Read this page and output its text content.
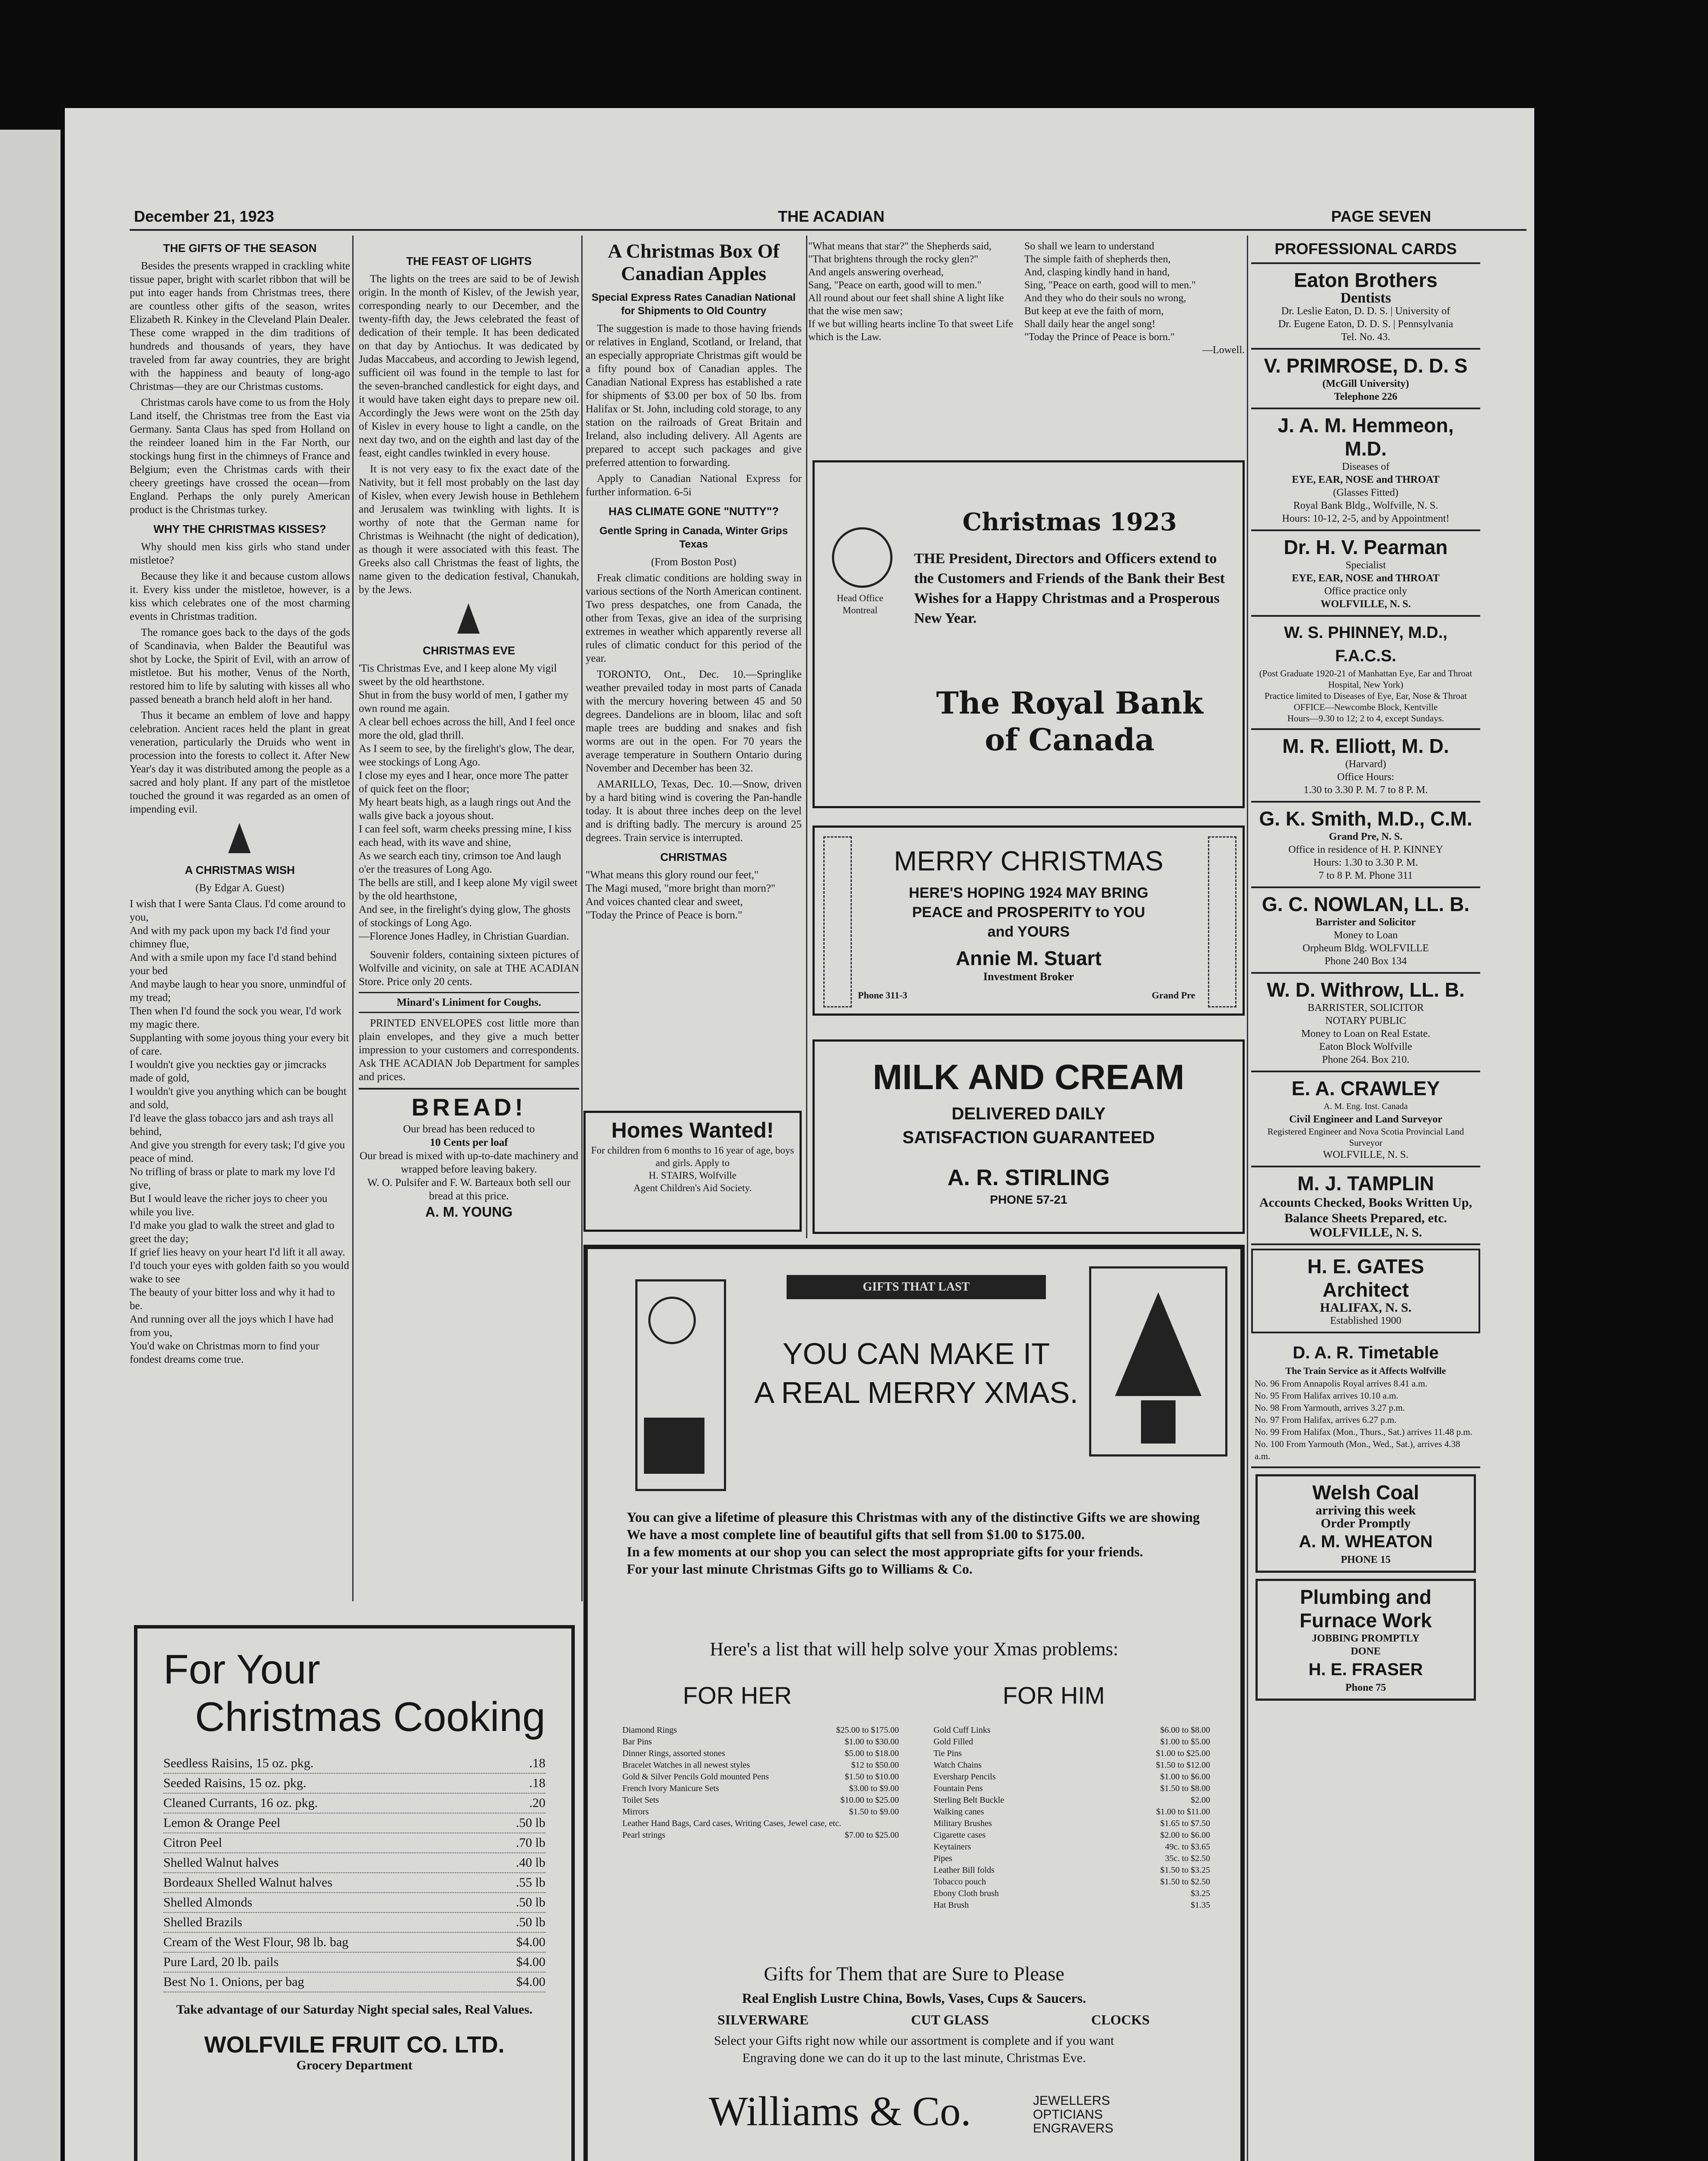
December 21, 1923	THE ACADIAN	PAGE SEVEN

THE GIFTS OF THE SEASON

Besides the presents wrapped in crackling white tissue paper, bright with scarlet ribbon that will be put into eager hands from Christmas trees, there are countless other gifts of the season, writes Elizabeth R. Kinkey in the Cleveland Plain Dealer. These come wrapped in the dim traditions of hundreds and thousands of years, they have traveled from far away countries, they are bright with the happiness and beauty of long-ago Christmas—they are our Christmas customs.

Christmas carols have come to us from the Holy Land itself, the Christmas tree from the East via Germany. Santa Claus has sped from Holland on the reindeer loaned him in the Far North, our stockings hung first in the chimneys of France and Belgium; even the Christmas cards with their cheery greetings have crossed the ocean—from England. Perhaps the only purely American product is the Christmas turkey.

WHY THE CHRISTMAS KISSES?

Why should men kiss girls who stand under mistletoe?

Because they like it and because custom allows it. Every kiss under the mistletoe, however, is a kiss which celebrates one of the most charming events in Christmas tradition.

The romance goes back to the days of the gods of Scandinavia, when Balder the Beautiful was shot by Locke, the Spirit of Evil, with an arrow of mistletoe. But his mother, Venus of the North, restored him to life by saluting with kisses all who passed beneath a branch held aloft in her hand.

Thus it became an emblem of love and happy celebration. Ancient races held the plant in great veneration, particularly the Druids who went in procession into the forests to collect it. After New Year's day it was distributed among the people as a sacred and holy plant. If any part of the mistletoe touched the ground it was regarded as an omen of impending evil.

A CHRISTMAS WISH

(By Edgar A. Guest)

I wish that I were Santa Claus. I'd come around to you,

And with my pack upon my back I'd find your chimney flue,

And with a smile upon my face I'd stand behind your bed

And maybe laugh to hear you snore, unmindful of my tread;

Then when I'd found the sock you wear, I'd work my magic there.

Supplanting with some joyous thing your every bit of care.

I wouldn't give you neckties gay or jimcracks made of gold,

I wouldn't give you anything which can be bought and sold,

I'd leave the glass tobacco jars and ash trays all behind,

And give you strength for every task; I'd give you peace of mind.

No trifling of brass or plate to mark my love I'd give,

But I would leave the richer joys to cheer you while you live.

I'd make you glad to walk the street and glad to greet the day;

If grief lies heavy on your heart I'd lift it all away.

I'd touch your eyes with golden faith so you would wake to see

The beauty of your bitter loss and why it had to be.

And running over all the joys which I have had from you,

You'd wake on Christmas morn to find your fondest dreams come true.

THE FEAST OF LIGHTS

The lights on the trees are said to be of Jewish origin. In the month of Kislev, of the Jewish year, corresponding nearly to our December, and the twenty-fifth day, the Jews celebrated the feast of dedication of their temple. It has been dedicated on that day by Antiochus. It was dedicated by Judas Maccabeus, and according to Jewish legend, sufficient oil was found in the temple to last for the seven-branched candlestick for eight days, and it would have taken eight days to prepare new oil. Accordingly the Jews were wont on the 25th day of Kislev in every house to light a candle, on the next day two, and on the eighth and last day of the feast, eight candles twinkled in every house.

It is not very easy to fix the exact date of the Nativity, but it fell most probably on the last day of Kislev, when every Jewish house in Bethlehem and Jerusalem was twinkling with lights. It is worthy of note that the German name for Christmas is Weihnacht (the night of dedication), as though it were associated with this feast. The Greeks also call Christmas the feast of lights, the name given to the dedication festival, Chanukah, by the Jews.

CHRISTMAS EVE

'Tis Christmas Eve, and I keep alone My vigil sweet by the old hearthstone.

Shut in from the busy world of men, I gather my own round me again.

A clear bell echoes across the hill, And I feel once more the old, glad thrill.

As I seem to see, by the firelight's glow, The dear, wee stockings of Long Ago.

I close my eyes and I hear, once more The patter of quick feet on the floor;

My heart beats high, as a laugh rings out And the walls give back a joyous shout.

I can feel soft, warm cheeks pressing mine, I kiss each head, with its wave and shine,

As we search each tiny, crimson toe And laugh o'er the treasures of Long Ago.

The bells are still, and I keep alone My vigil sweet by the old hearthstone,

And see, in the firelight's dying glow, The ghosts of stockings of Long Ago.

—Florence Jones Hadley, in Christian Guardian.

Souvenir folders, containing sixteen pictures of Wolfville and vicinity, on sale at THE ACADIAN Store. Price only 20 cents.

Minard's Liniment for Coughs.

PRINTED ENVELOPES cost little more than plain envelopes, and they give a much better impression to your customers and correspondents. Ask THE ACADIAN Job Department for samples and prices.

BREAD!
Our bread has been reduced to
10 Cents per loaf
Our bread is mixed with up-to-date machinery and wrapped before leaving bakery.
W. O. Pulsifer and F. W. Barteaux both sell our bread at this price.
A. M. YOUNG
A Christmas Box Of Canadian Apples

Special Express Rates Canadian National for Shipments to Old Country

The suggestion is made to those having friends or relatives in England, Scotland, or Ireland, that an especially appropriate Christmas gift would be a fifty pound box of Canadian apples. The Canadian National Express has established a rate for shipments of $3.00 per box of 50 lbs. from Halifax or St. John, including cold storage, to any station on the railroads of Great Britain and Ireland, also including delivery. All Agents are prepared to accept such packages and give preferred attention to forwarding.

Apply to Canadian National Express for further information. 6-5i

HAS CLIMATE GONE "NUTTY"?

Gentle Spring in Canada, Winter Grips Texas

(From Boston Post)

Freak climatic conditions are holding sway in various sections of the North American continent. Two press despatches, one from Canada, the other from Texas, give an idea of the surprising extremes in weather which apparently reverse all rules of climatic conduct for this period of the year.

TORONTO, Ont., Dec. 10.—Springlike weather prevailed today in most parts of Canada with the mercury hovering between 45 and 50 degrees. Dandelions are in bloom, lilac and soft maple trees are budding and snakes and fish worms are out in the open. For 70 years the average temperature in Southern Ontario during November and December has been 32.

AMARILLO, Texas, Dec. 10.—Snow, driven by a hard biting wind is covering the Pan-handle today. It is about three inches deep on the level and is drifting badly. The mercury is around 25 degrees. Train service is interrupted.

CHRISTMAS

"What means this glory round our feet,"

The Magi mused, "more bright than morn?"

And voices chanted clear and sweet,

"Today the Prince of Peace is born."

Homes Wanted!
For children from 6 months to 16 year of age, boys and girls. Apply to
H. STAIRS, Wolfville
Agent Children's Aid Society.

"What means that star?" the Shepherds said,

"That brightens through the rocky glen?"

And angels answering overhead,

Sang, "Peace on earth, good will to men."

All round about our feet shall shine A light like that the wise men saw;

If we but willing hearts incline To that sweet Life which is the Law.

So shall we learn to understand

The simple faith of shepherds then,

And, clasping kindly hand in hand,

Sing, "Peace on earth, good will to men."

And they who do their souls no wrong,

But keep at eve the faith of morn,

Shall daily hear the angel song!

"Today the Prince of Peace is born."

—Lowell.

Head Office Montreal
Christmas 1923
THE President, Directors and Officers extend to the Customers and Friends of the Bank their Best Wishes for a Happy Christmas and a Prosperous New Year.
The Royal Bank
of Canada
MERRY CHRISTMAS
HERE'S HOPING 1924 MAY BRING
PEACE and PROSPERITY to YOU
and YOURS
Annie M. Stuart
Investment Broker
Phone 311-3	Grand Pre
MILK AND CREAM
DELIVERED DAILY
SATISFACTION GUARANTEED
A. R. STIRLING
PHONE 57-21
GIFTS THAT LAST
YOU CAN MAKE IT
A REAL MERRY XMAS.
You can give a lifetime of pleasure this Christmas with any of the distinctive Gifts we are showing
We have a most complete line of beautiful gifts that sell from $1.00 to $175.00.
In a few moments at our shop you can select the most appropriate gifts for your friends.
For your last minute Christmas Gifts go to Williams & Co.
Here's a list that will help solve your Xmas problems:
FOR HER	FOR HIM
Diamond Rings	$25.00 to $175.00
Bar Pins	$1.00 to $30.00
Dinner Rings, assorted stones	$5.00 to $18.00
Bracelet Watches in all newest styles	$12 to $50.00
Gold & Silver Pencils Gold mounted Pens	$1.50 to $10.00
French Ivory Manicure Sets	$3.00 to $9.00
Toilet Sets	$10.00 to $25.00
Mirrors	$1.50 to $9.00
Leather Hand Bags, Card cases, Writing Cases, Jewel case, etc.
Pearl strings	$7.00 to $25.00
Gold Cuff Links	$6.00 to $8.00
Gold Filled	$1.00 to $5.00
Tie Pins	$1.00 to $25.00
Watch Chains	$1.50 to $12.00
Eversharp Pencils	$1.00 to $6.00
Fountain Pens	$1.50 to $8.00
Sterling Belt Buckle	$2.00
Walking canes	$1.00 to $11.00
Military Brushes	$1.65 to $7.50
Cigarette cases	$2.00 to $6.00
Keytainers	49c. to $3.65
Pipes	35c. to $2.50
Leather Bill folds	$1.50 to $3.25
Tobacco pouch	$1.50 to $2.50
Ebony Cloth brush	$3.25
Hat Brush	$1.35
Gifts for Them that are Sure to Please
Real English Lustre China, Bowls, Vases, Cups & Saucers.
SILVERWARE	CUT GLASS	CLOCKS
Select your Gifts right now while our assortment is complete and if you want
Engraving done we can do it up to the last minute, Christmas Eve.
Williams & Co.	JEWELLERS
OPTICIANS
ENGRAVERS
For Your
Christmas Cooking
Seedless Raisins, 15 oz. pkg.	.18
Seeded Raisins, 15 oz. pkg.	.18
Cleaned Currants, 16 oz. pkg.	.20
Lemon & Orange Peel	.50 lb
Citron Peel	.70 lb
Shelled Walnut halves	.40 lb
Bordeaux Shelled Walnut halves	.55 lb
Shelled Almonds	.50 lb
Shelled Brazils	.50 lb
Cream of the West Flour, 98 lb. bag	$4.00
Pure Lard, 20 lb. pails	$4.00
Best No 1. Onions, per bag	$4.00
Take advantage of our Saturday Night special sales, Real Values.
WOLFVILE FRUIT CO. LTD.
Grocery Department
PROFESSIONAL CARDS
Eaton Brothers
Dentists
Dr. Leslie Eaton, D. D. S. | University of
Dr. Eugene Eaton, D. D. S. | Pennsylvania
Tel. No. 43.
V. PRIMROSE, D. D. S
(McGill University)
Telephone 226
J. A. M. Hemmeon, M.D.
Diseases of
EYE, EAR, NOSE and THROAT
(Glasses Fitted)
Royal Bank Bldg., Wolfville, N. S.
Hours: 10-12, 2-5, and by Appointment!
Dr. H. V. Pearman
Specialist
EYE, EAR, NOSE and THROAT
Office practice only
WOLFVILLE, N. S.
W. S. PHINNEY, M.D., F.A.C.S.
(Post Graduate 1920-21 of Manhattan Eye, Ear and Throat Hospital, New York)
Practice limited to Diseases of Eye, Ear, Nose & Throat
OFFICE—Newcombe Block, Kentville
Hours—9.30 to 12; 2 to 4, except Sundays.
M. R. Elliott, M. D.
(Harvard)
Office Hours:
1.30 to 3.30 P. M. 7 to 8 P. M.
G. K. Smith, M.D., C.M.
Grand Pre, N. S.
Office in residence of H. P. KINNEY
Hours: 1.30 to 3.30 P. M.
7 to 8 P. M. Phone 311
G. C. NOWLAN, LL. B.
Barrister and Solicitor
Money to Loan
Orpheum Bldg. WOLFVILLE
Phone 240 Box 134
W. D. Withrow, LL. B.
BARRISTER, SOLICITOR
NOTARY PUBLIC
Money to Loan on Real Estate.
Eaton Block Wolfville
Phone 264. Box 210.
E. A. CRAWLEY
A. M. Eng. Inst. Canada
Civil Engineer and Land Surveyor
Registered Engineer and Nova Scotia Provincial Land Surveyor
WOLFVILLE, N. S.
M. J. TAMPLIN
Accounts Checked, Books Written Up, Balance Sheets Prepared, etc.
WOLFVILLE, N. S.
H. E. GATES
Architect
HALIFAX, N. S.
Established 1900
D. A. R. Timetable
The Train Service as it Affects Wolfville
No. 96 From Annapolis Royal arrives 8.41 a.m.
No. 95 From Halifax arrives 10.10 a.m.
No. 98 From Yarmouth, arrives 3.27 p.m.
No. 97 From Halifax, arrives 6.27 p.m.
No. 99 From Halifax (Mon., Thurs., Sat.) arrives 11.48 p.m.
No. 100 From Yarmouth (Mon., Wed., Sat.), arrives 4.38 a.m.
Welsh Coal
arriving this week
Order Promptly
A. M. WHEATON
PHONE 15
Plumbing and
Furnace Work
JOBBING PROMPTLY
DONE
H. E. FRASER
Phone 75
